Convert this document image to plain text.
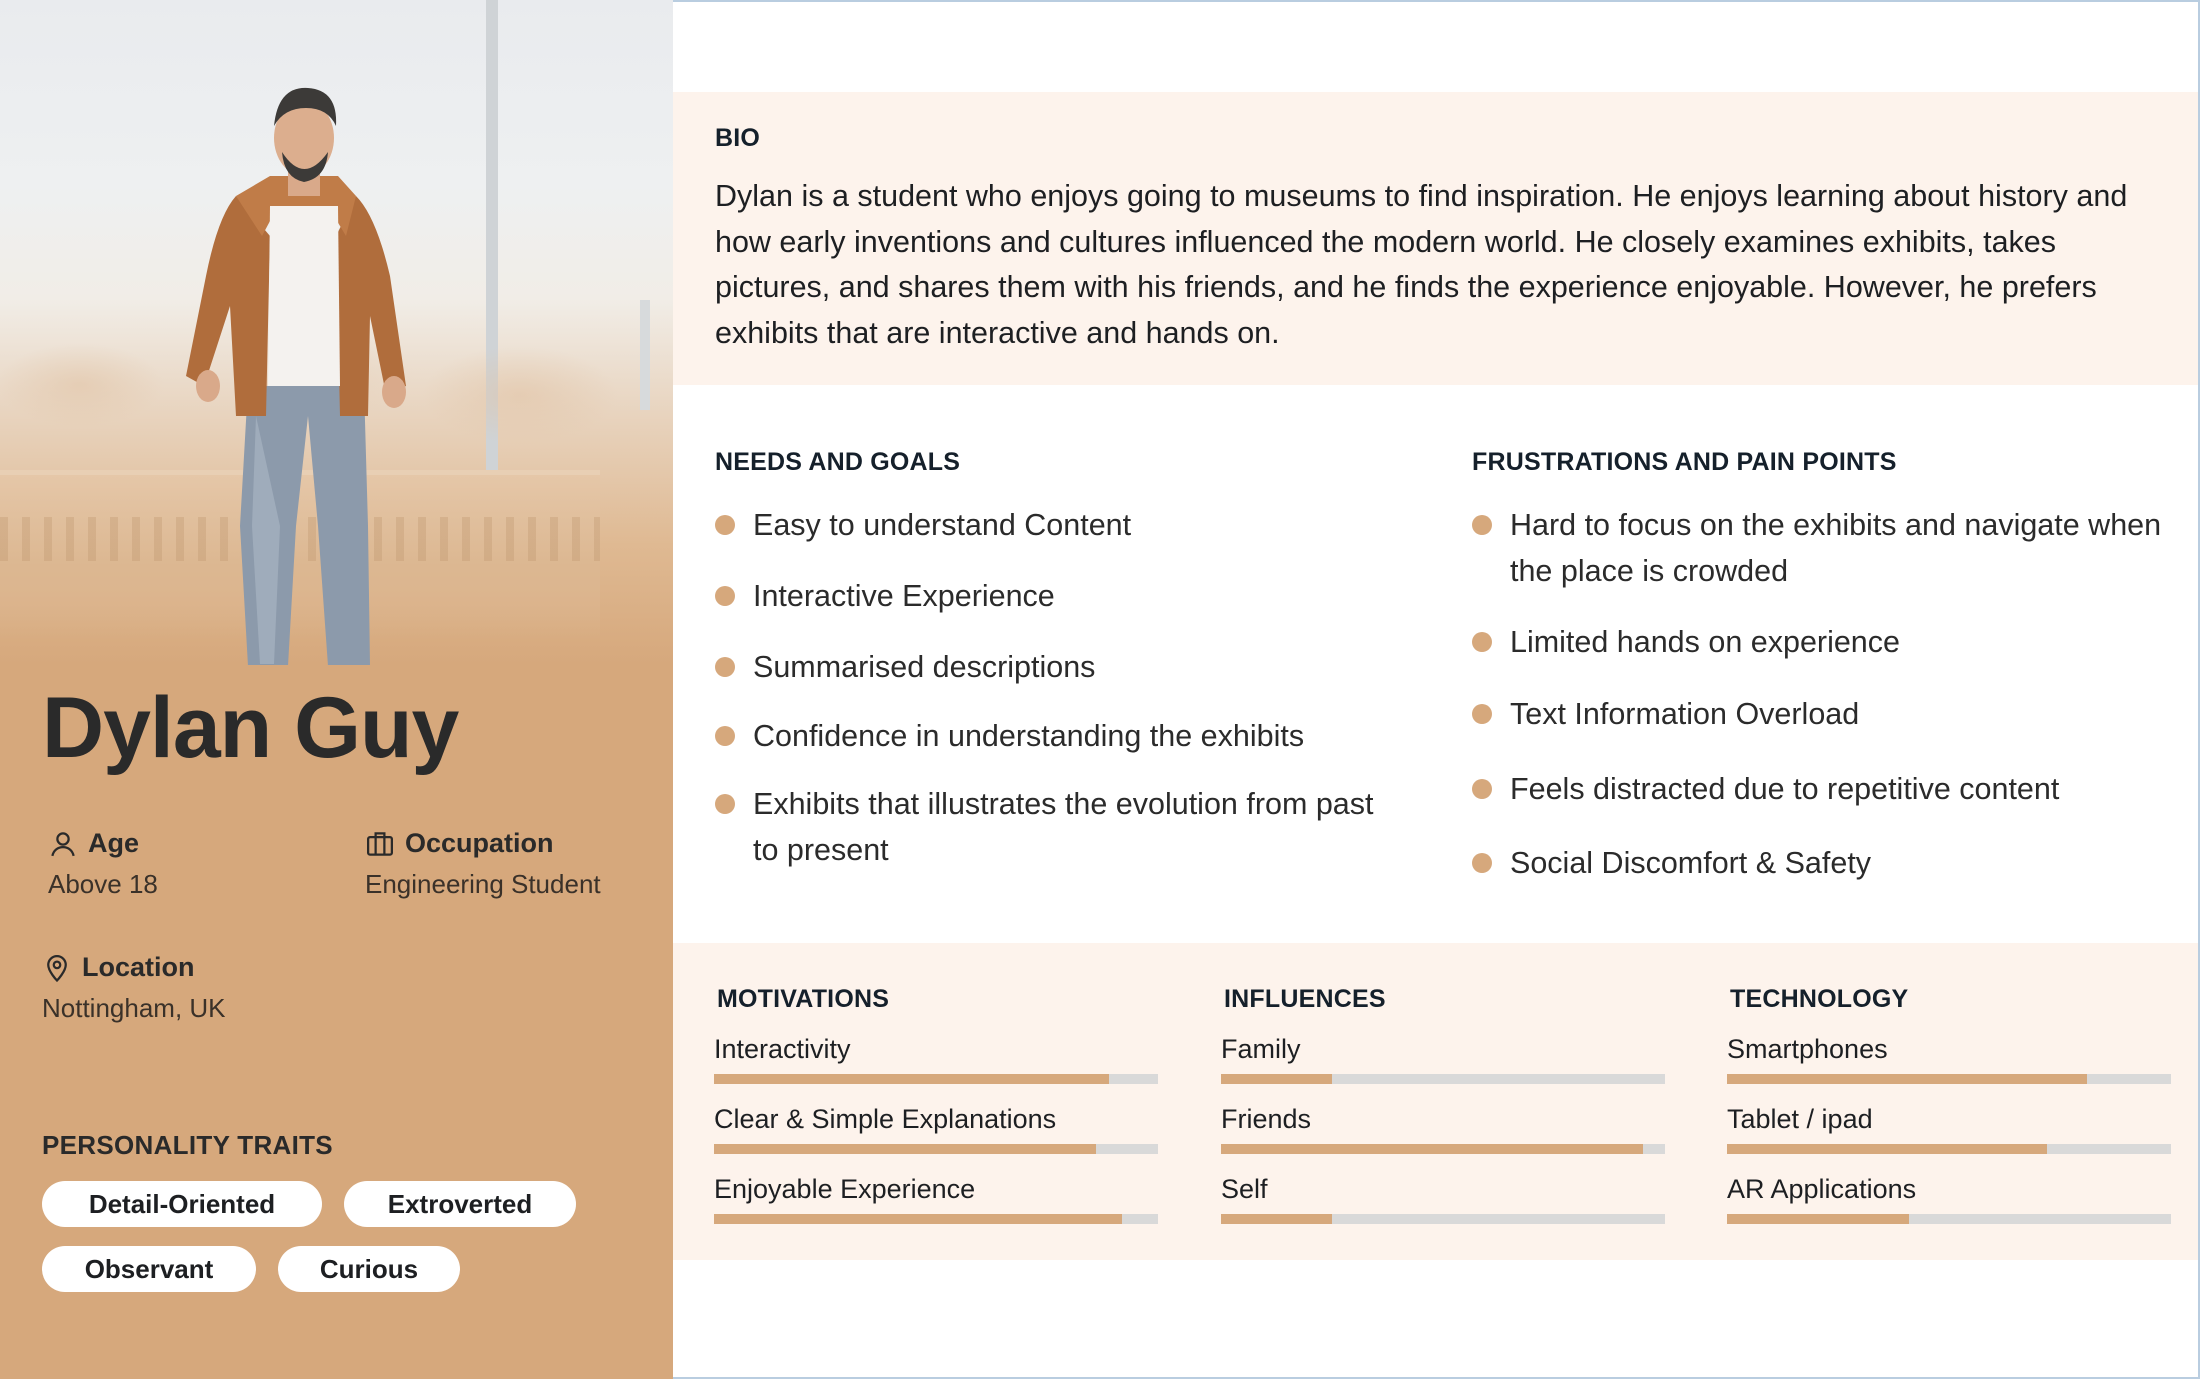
Dylan Guy
Age
Above 18
Occupation
Engineering Student
Location
Nottingham, UK
PERSONALITY TRAITS
Detail-Oriented	Extroverted
Observant	Curious
BIO
Dylan is a student who enjoys going to museums to find inspiration. He enjoys learning about history and how early inventions and cultures influenced the modern world. He closely examines exhibits, takes pictures, and shares them with his friends, and he finds the experience enjoyable. However, he prefers exhibits that are interactive and hands on.
NEEDS AND GOALS
Easy to understand Content
Interactive Experience
Summarised descriptions
Confidence in understanding the exhibits
Exhibits that illustrates the evolution from past to present
FRUSTRATIONS AND PAIN POINTS
Hard to focus on the exhibits and navigate when the place is crowded
Limited hands on experience
Text Information Overload
Feels distracted due to repetitive content
Social Discomfort & Safety
MOTIVATIONS
Interactivity
Clear & Simple Explanations
Enjoyable Experience
INFLUENCES
Family
Friends
Self
TECHNOLOGY
Smartphones
Tablet / ipad
AR Applications
